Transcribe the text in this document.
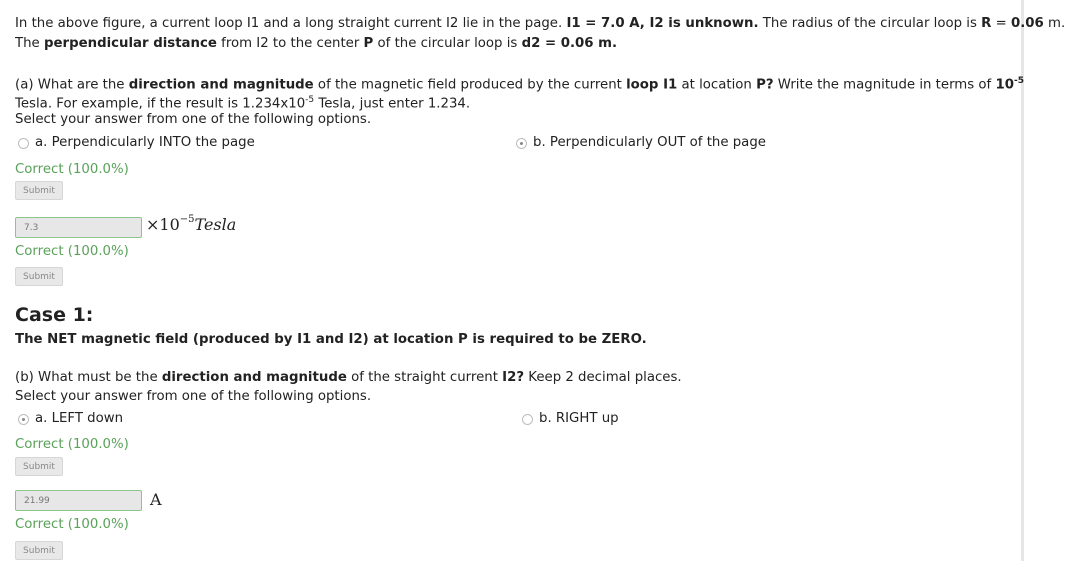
In the above figure, a current loop I1 and a long straight current I2 lie in the page. I1 = 7.0 A, I2 is unknown. The radius of the circular loop is R = 0.06 m.
The perpendicular distance from I2 to the center P of the circular loop is d2 = 0.06 m.
(a) What are the direction and magnitude of the magnetic field produced by the current loop I1 at location P? Write the magnitude in terms of $10^{-5}$
Tesla. For example, if the result is $1.234x10^{-5}$ Tesla, just enter 1.234.
Select your answer from one of the following options.
a. Perpendicularly INTO the page	b. Perpendicularly OUT of the page
Correct (100.0%)
Submit
7.3	$\times 10^{-5}Tesla$
Correct (100.0%)
Submit
Case 1:
The NET magnetic field (produced by I1 and I2) at location P is required to be ZERO.
(b) What must be the direction and magnitude of the straight current I2? Keep 2 decimal places.
Select your answer from one of the following options.
a. LEFT down	b. RIGHT up
Correct (100.0%)
Submit
21.99	A
Correct (100.0%)
Submit
